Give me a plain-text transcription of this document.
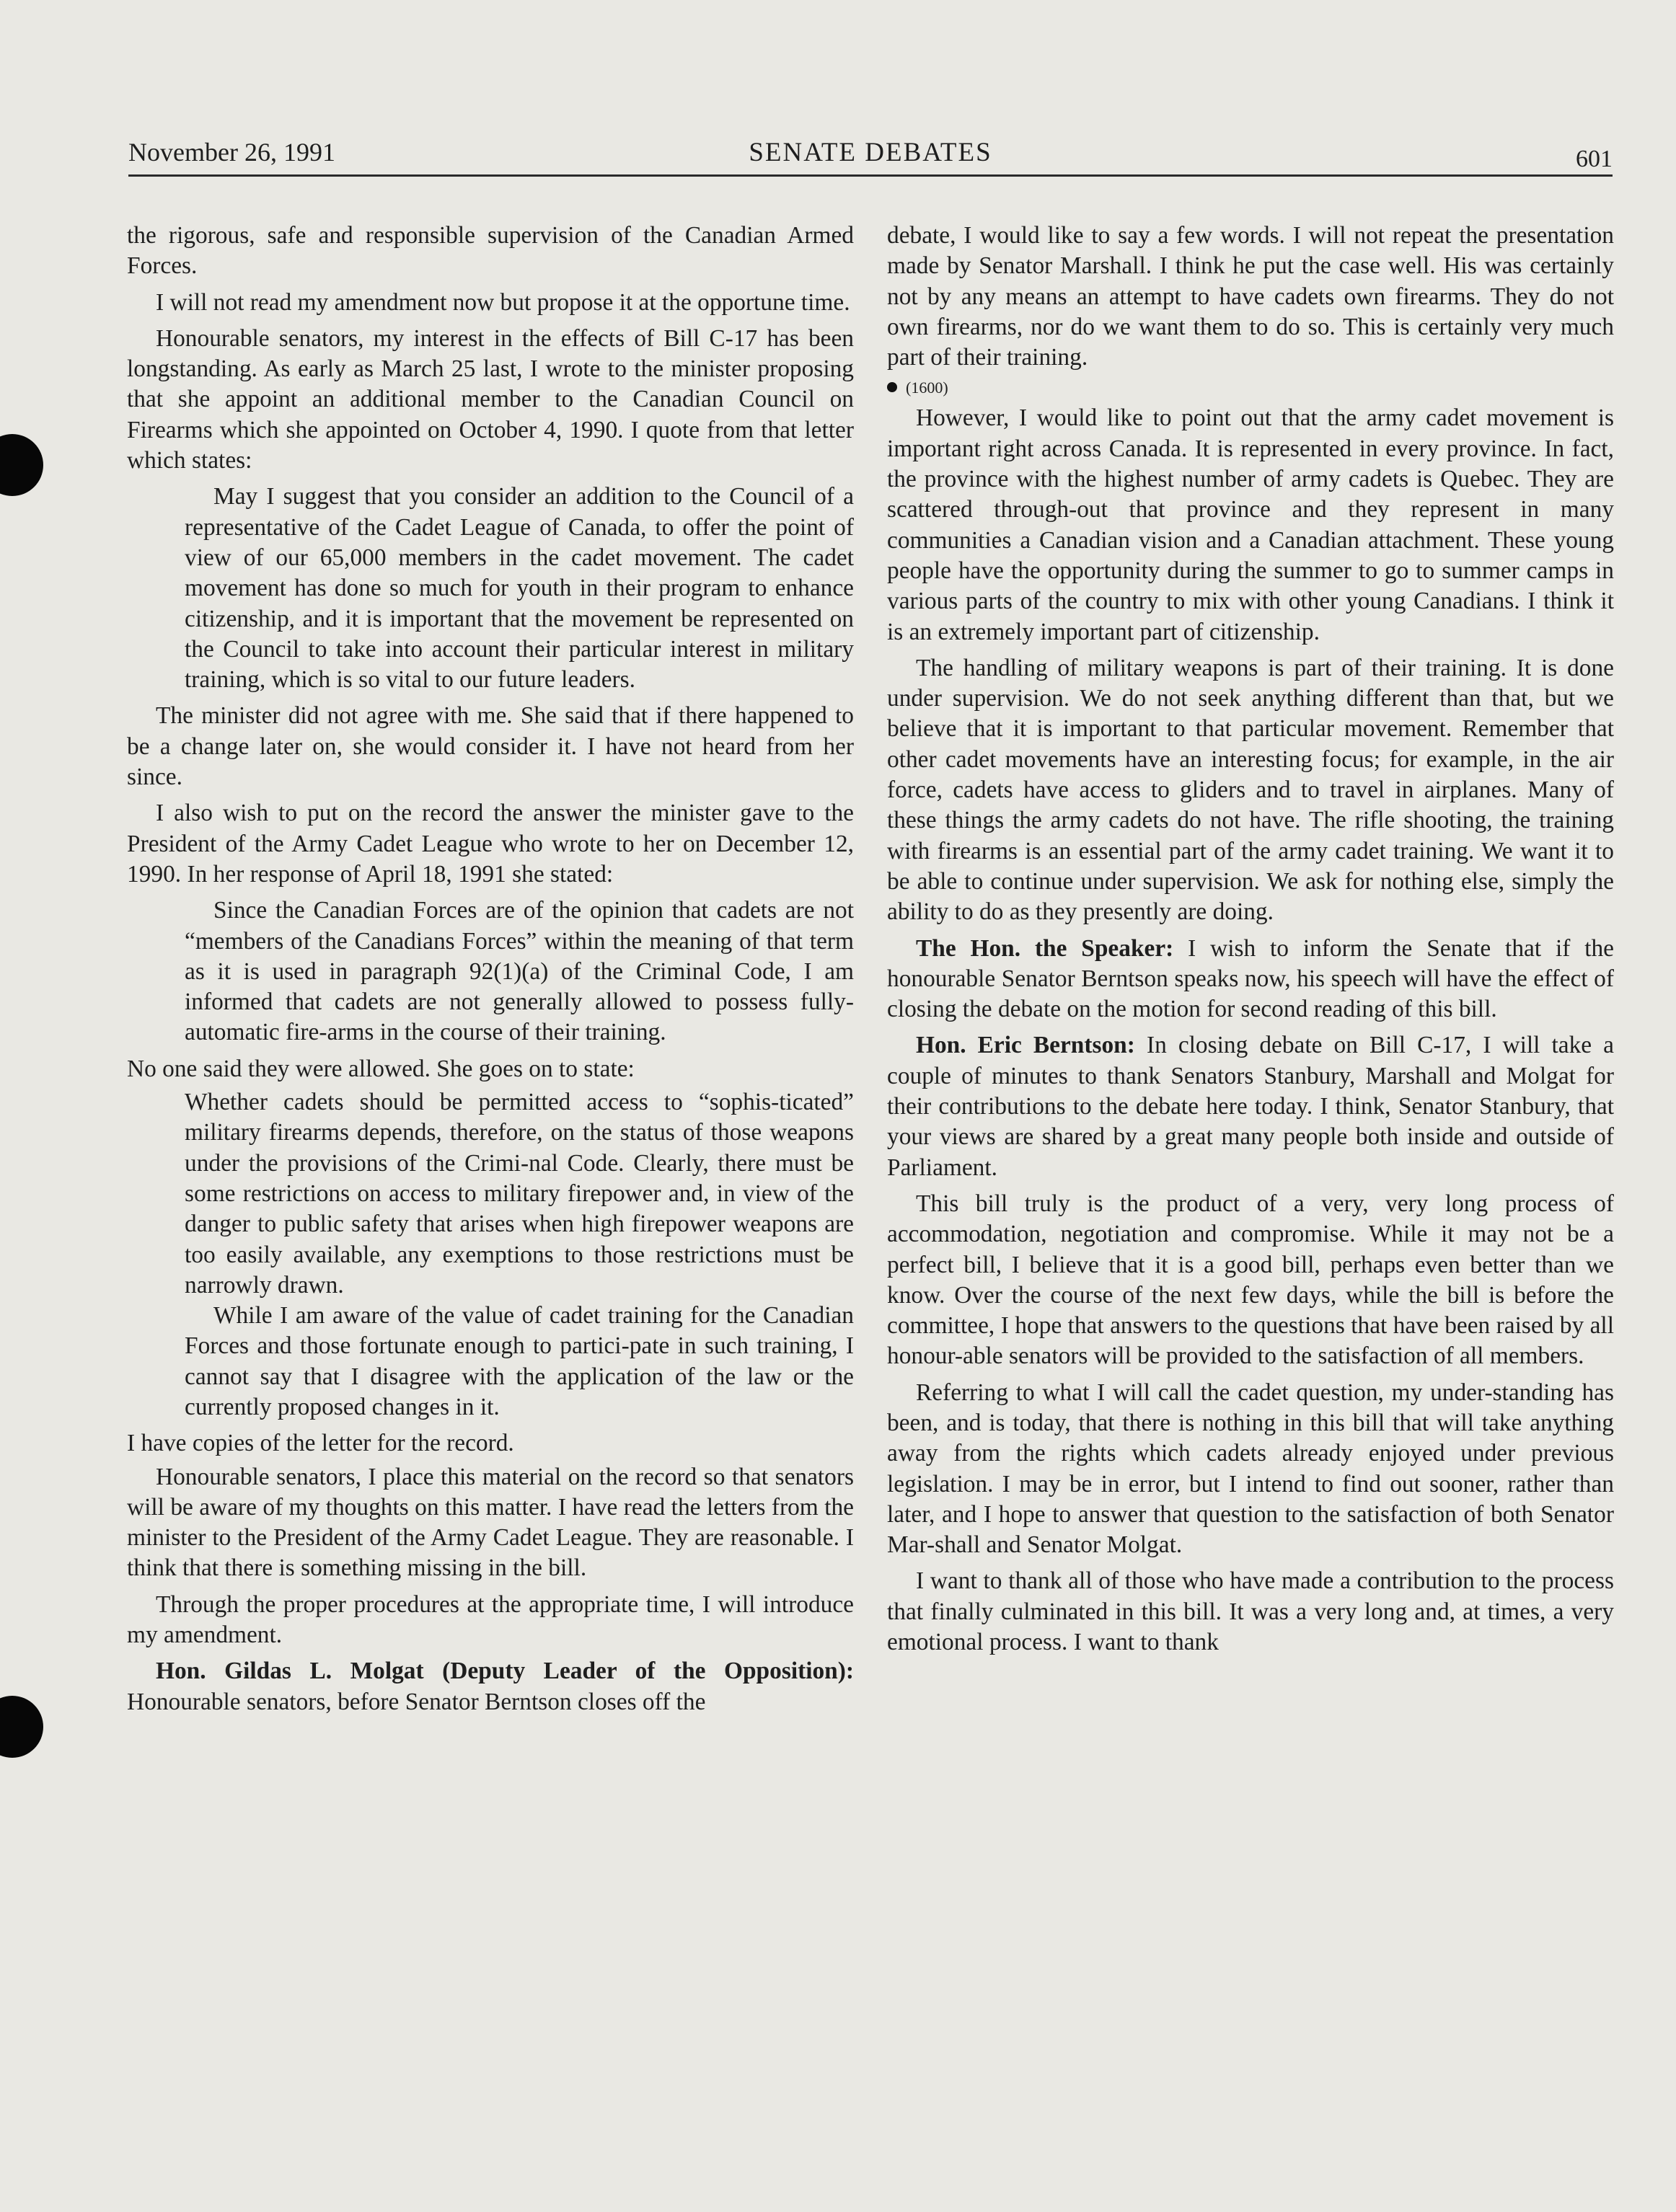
November 26, 1991	SENATE DEBATES	601

the rigorous, safe and responsible supervision of the Canadian Armed Forces.

I will not read my amendment now but propose it at the opportune time.

Honourable senators, my interest in the effects of Bill C-17 has been longstanding. As early as March 25 last, I wrote to the minister proposing that she appoint an additional member to the Canadian Council on Firearms which she appointed on October 4, 1990. I quote from that letter which states:

May I suggest that you consider an addition to the Council of a representative of the Cadet League of Canada, to offer the point of view of our 65,000 members in the cadet movement. The cadet movement has done so much for youth in their program to enhance citizenship, and it is important that the movement be represented on the Council to take into account their particular interest in military training, which is so vital to our future leaders.

The minister did not agree with me. She said that if there happened to be a change later on, she would consider it. I have not heard from her since.

I also wish to put on the record the answer the minister gave to the President of the Army Cadet League who wrote to her on December 12, 1990. In her response of April 18, 1991 she stated:

Since the Canadian Forces are of the opinion that cadets are not “members of the Canadians Forces” within the meaning of that term as it is used in paragraph 92(1)(a) of the Criminal Code, I am informed that cadets are not generally allowed to possess fully-automatic fire-arms in the course of their training.

No one said they were allowed. She goes on to state:

Whether cadets should be permitted access to “sophis-ticated” military firearms depends, therefore, on the status of those weapons under the provisions of the Crimi-nal Code. Clearly, there must be some restrictions on access to military firepower and, in view of the danger to public safety that arises when high firepower weapons are too easily available, any exemptions to those restrictions must be narrowly drawn.

While I am aware of the value of cadet training for the Canadian Forces and those fortunate enough to partici-pate in such training, I cannot say that I disagree with the application of the law or the currently proposed changes in it.

I have copies of the letter for the record.

Honourable senators, I place this material on the record so that senators will be aware of my thoughts on this matter. I have read the letters from the minister to the President of the Army Cadet League. They are reasonable. I think that there is something missing in the bill.

Through the proper procedures at the appropriate time, I will introduce my amendment.

Hon. Gildas L. Molgat (Deputy Leader of the Opposition): Honourable senators, before Senator Berntson closes off the

debate, I would like to say a few words. I will not repeat the presentation made by Senator Marshall. I think he put the case well. His was certainly not by any means an attempt to have cadets own firearms. They do not own firearms, nor do we want them to do so. This is certainly very much part of their training.

(1600)

However, I would like to point out that the army cadet movement is important right across Canada. It is represented in every province. In fact, the province with the highest number of army cadets is Quebec. They are scattered through-out that province and they represent in many communities a Canadian vision and a Canadian attachment. These young people have the opportunity during the summer to go to summer camps in various parts of the country to mix with other young Canadians. I think it is an extremely important part of citizenship.

The handling of military weapons is part of their training. It is done under supervision. We do not seek anything different than that, but we believe that it is important to that particular movement. Remember that other cadet movements have an interesting focus; for example, in the air force, cadets have access to gliders and to travel in airplanes. Many of these things the army cadets do not have. The rifle shooting, the training with firearms is an essential part of the army cadet training. We want it to be able to continue under supervision. We ask for nothing else, simply the ability to do as they presently are doing.

The Hon. the Speaker: I wish to inform the Senate that if the honourable Senator Berntson speaks now, his speech will have the effect of closing the debate on the motion for second reading of this bill.

Hon. Eric Berntson: In closing debate on Bill C-17, I will take a couple of minutes to thank Senators Stanbury, Marshall and Molgat for their contributions to the debate here today. I think, Senator Stanbury, that your views are shared by a great many people both inside and outside of Parliament.

This bill truly is the product of a very, very long process of accommodation, negotiation and compromise. While it may not be a perfect bill, I believe that it is a good bill, perhaps even better than we know. Over the course of the next few days, while the bill is before the committee, I hope that answers to the questions that have been raised by all honour-able senators will be provided to the satisfaction of all members.

Referring to what I will call the cadet question, my under-standing has been, and is today, that there is nothing in this bill that will take anything away from the rights which cadets already enjoyed under previous legislation. I may be in error, but I intend to find out sooner, rather than later, and I hope to answer that question to the satisfaction of both Senator Mar-shall and Senator Molgat.

I want to thank all of those who have made a contribution to the process that finally culminated in this bill. It was a very long and, at times, a very emotional process. I want to thank
